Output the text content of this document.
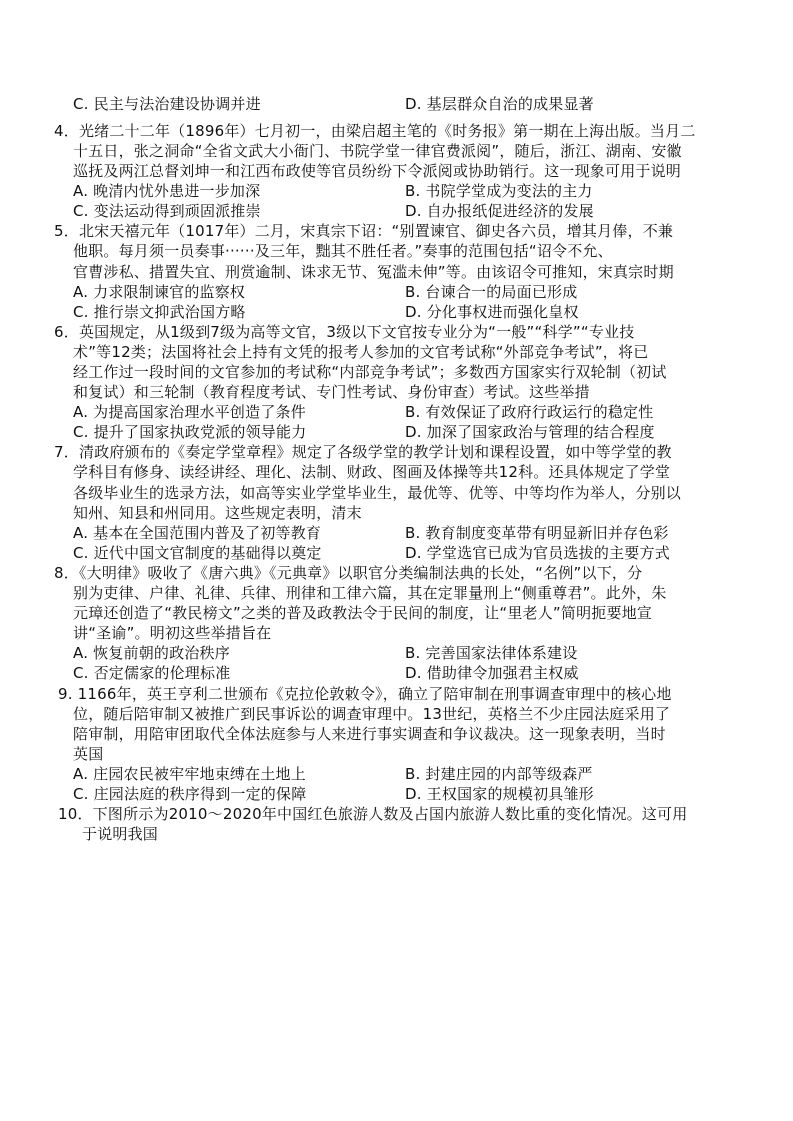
C. 民主与法治建设协调并进	D. 基层群众自治的成果显著
4．光绪二十二年（1896年）七月初一，由梁启超主笔的《时务报》第一期在上海出版。当月二
十五日，张之洞命“全省文武大小衙门、书院学堂一律官费派阅”，随后，浙江、湖南、安徽
巡抚及两江总督刘坤一和江西布政使等官员纷纷下令派阅或协助销行。这一现象可用于说明
A. 晚清内忧外患进一步加深	B. 书院学堂成为变法的主力
C. 变法运动得到顽固派推崇	D. 自办报纸促进经济的发展
5．北宋天禧元年（1017年）二月，宋真宗下诏：“别置谏官、御史各六员，增其月俸，不兼
他职。每月须一员奏事······及三年，黜其不胜任者。”奏事的范围包括“诏令不允、
官曹涉私、措置失宜、刑赏逾制、诛求无节、冤滥未伸”等。由该诏令可推知，宋真宗时期
A. 力求限制谏官的监察权	B. 台谏合一的局面已形成
C. 推行崇文抑武治国方略	D. 分化事权进而强化皇权
6．英国规定，从1级到7级为高等文官，3级以下文官按专业分为“一般”“科学”“专业技
术”等12类；法国将社会上持有文凭的报考人参加的文官考试称“外部竞争考试”，将已
经工作过一段时间的文官参加的考试称“内部竞争考试”；多数西方国家实行双轮制（初试
和复试）和三轮制（教育程度考试、专门性考试、身份审查）考试。这些举措
A. 为提高国家治理水平创造了条件	B. 有效保证了政府行政运行的稳定性
C. 提升了国家执政党派的领导能力	D. 加深了国家政治与管理的结合程度
7．清政府颁布的《奏定学堂章程》规定了各级学堂的教学计划和课程设置，如中等学堂的教
学科目有修身、读经讲经、理化、法制、财政、图画及体操等共12科。还具体规定了学堂
各级毕业生的选录方法，如高等实业学堂毕业生，最优等、优等、中等均作为举人，分别以
知州、知县和州同用。这些规定表明，清末
A. 基本在全国范围内普及了初等教育	B. 教育制度变革带有明显新旧并存色彩
C. 近代中国文官制度的基础得以奠定	D. 学堂选官已成为官员选拔的主要方式
8．《大明律》吸收了《唐六典》《元典章》以职官分类编制法典的长处，“名例”以下，分
别为吏律、户律、礼律、兵律、刑律和工律六篇，其在定罪量刑上“侧重尊君”。此外，朱
元璋还创造了“教民榜文”之类的普及政教法令于民间的制度，让“里老人”简明扼要地宣
讲“圣谕”。明初这些举措旨在
A. 恢复前朝的政治秩序	B. 完善国家法律体系建设
C. 否定儒家的伦理标准	D. 借助律令加强君主权威
9. 1166年，英王亨利二世颁布《克拉伦敦敕令》，确立了陪审制在刑事调查审理中的核心地
位，随后陪审制又被推广到民事诉讼的调查审理中。13世纪，英格兰不少庄园法庭采用了
陪审制，用陪审团取代全体法庭参与人来进行事实调查和争议裁决。这一现象表明，当时
英国
A. 庄园农民被牢牢地束缚在土地上	B. 封建庄园的内部等级森严
C. 庄园法庭的秩序得到一定的保障	D. 王权国家的规模初具雏形
10．下图所示为2010～2020年中国红色旅游人数及占国内旅游人数比重的变化情况。这可用
于说明我国
